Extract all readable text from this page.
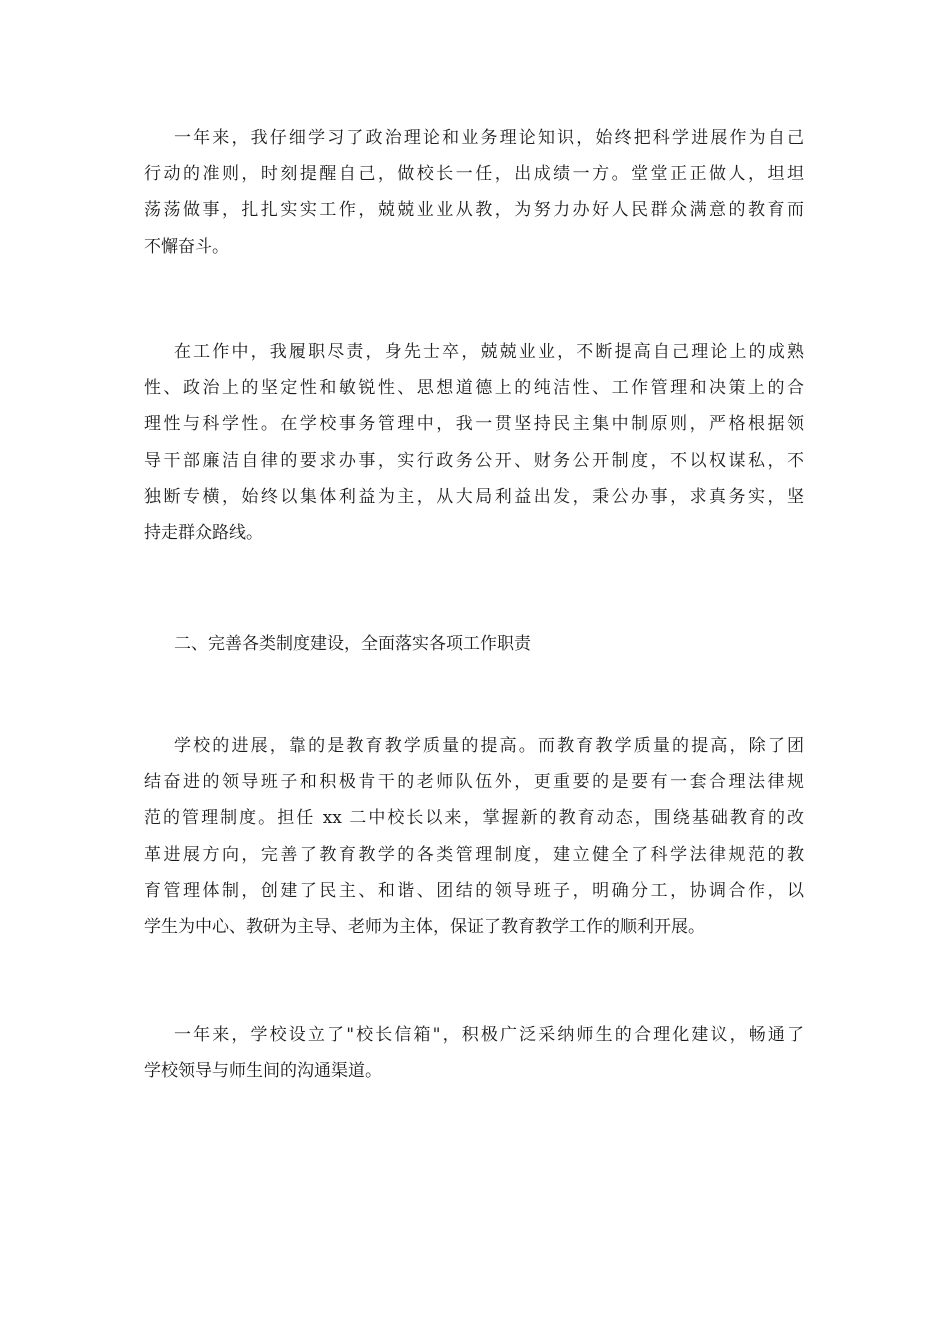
一年来，我仔细学习了政治理论和业务理论知识，始终把科学进展作为自己
行动的准则，时刻提醒自己，做校长一任，出成绩一方。堂堂正正做人，坦坦
荡荡做事，扎扎实实工作，兢兢业业从教，为努力办好人民群众满意的教育而
不懈奋斗。
在工作中，我履职尽责，身先士卒，兢兢业业，不断提高自己理论上的成熟
性、政治上的坚定性和敏锐性、思想道德上的纯洁性、工作管理和决策上的合
理性与科学性。在学校事务管理中，我一贯坚持民主集中制原则，严格根据领
导干部廉洁自律的要求办事，实行政务公开、财务公开制度，不以权谋私，不
独断专横，始终以集体利益为主，从大局利益出发，秉公办事，求真务实，坚
持走群众路线。
二、完善各类制度建设，全面落实各项工作职责
学校的进展，靠的是教育教学质量的提高。而教育教学质量的提高，除了团
结奋进的领导班子和积极肯干的老师队伍外，更重要的是要有一套合理法律规
范的管理制度。担任 xx 二中校长以来，掌握新的教育动态，围绕基础教育的改
革进展方向，完善了教育教学的各类管理制度，建立健全了科学法律规范的教
育管理体制，创建了民主、和谐、团结的领导班子，明确分工，协调合作，以
学生为中心、教研为主导、老师为主体，保证了教育教学工作的顺利开展。
一年来，学校设立了"校长信箱"，积极广泛采纳师生的合理化建议，畅通了
学校领导与师生间的沟通渠道。
